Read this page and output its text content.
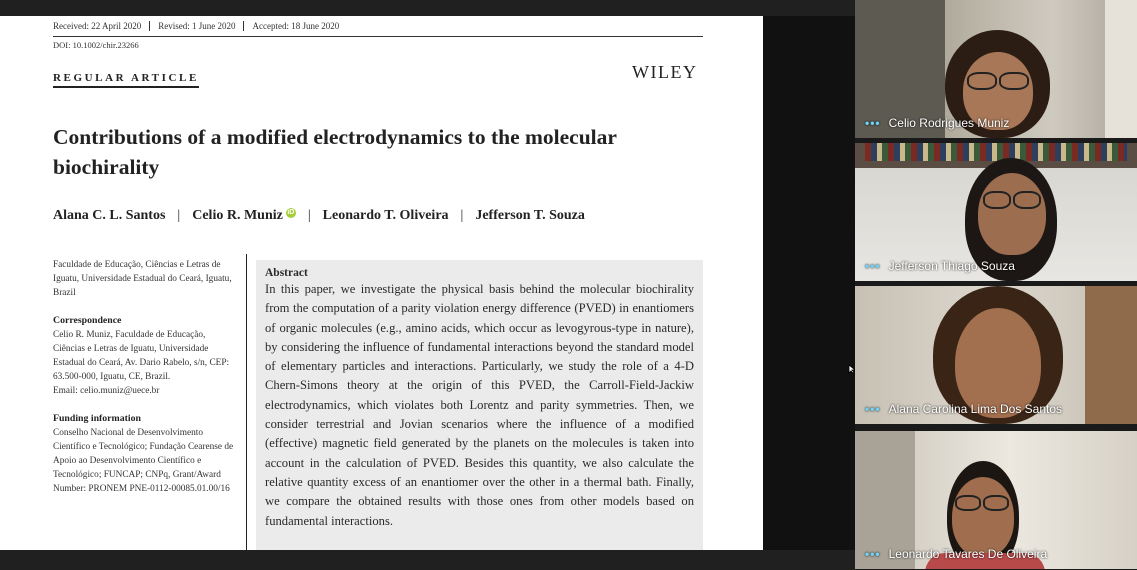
Received: 22 April 2020	Revised: 1 June 2020	Accepted: 18 June 2020
DOI: 10.1002/chir.23266
REGULAR ARTICLE	WILEY
Contributions of a modified electrodynamics to the molecular biochirality
Alana C. L. Santos | Celio R. Muniz iD | Leonardo T. Oliveira | Jefferson T. Souza
Faculdade de Educação, Ciências e Letras de Iguatu, Universidade Estadual do Ceará, Iguatu, Brazil
Correspondence
Celio R. Muniz, Faculdade de Educação, Ciências e Letras de Iguatu, Universidade Estadual do Ceará, Av. Dario Rabelo, s/n, CEP: 63.500-000, Iguatu, CE, Brazil.
Email: celio.muniz@uece.br
Funding information
Conselho Nacional de Desenvolvimento Científico e Tecnológico; Fundação Cearense de Apoio ao Desenvolvimento Científico e Tecnológico; FUNCAP; CNPq, Grant/Award Number: PRONEM PNE-0112-00085.01.00/16
Abstract
In this paper, we investigate the physical basis behind the molecular biochirality from the computation of a parity violation energy difference (PVED) in enantiomers of organic molecules (e.g., amino acids, which occur as levogyrous-type in nature), by considering the influence of fundamental interactions beyond the standard model of elementary particles and interactions. Particularly, we study the role of a 4-D Chern-Simons theory at the origin of this PVED, the Carroll-Field-Jackiw electrodynamics, which violates both Lorentz and parity symmetries. Then, we consider terrestrial and Jovian scenarios where the influence of a modified (effective) magnetic field generated by the planets on the molecules is taken into account in the calculation of PVED. Besides this quantity, we also calculate the relative quantity excess of an enantiomer over the other in a thermal bath. Finally, we compare the obtained results with those ones from other models based on fundamental interactions.
••• Celio Rodrigues Muniz
••• Jefferson Thiago Souza
••• Alana Carolina Lima Dos Santos
••• Leonardo Tavares De Oliveira
